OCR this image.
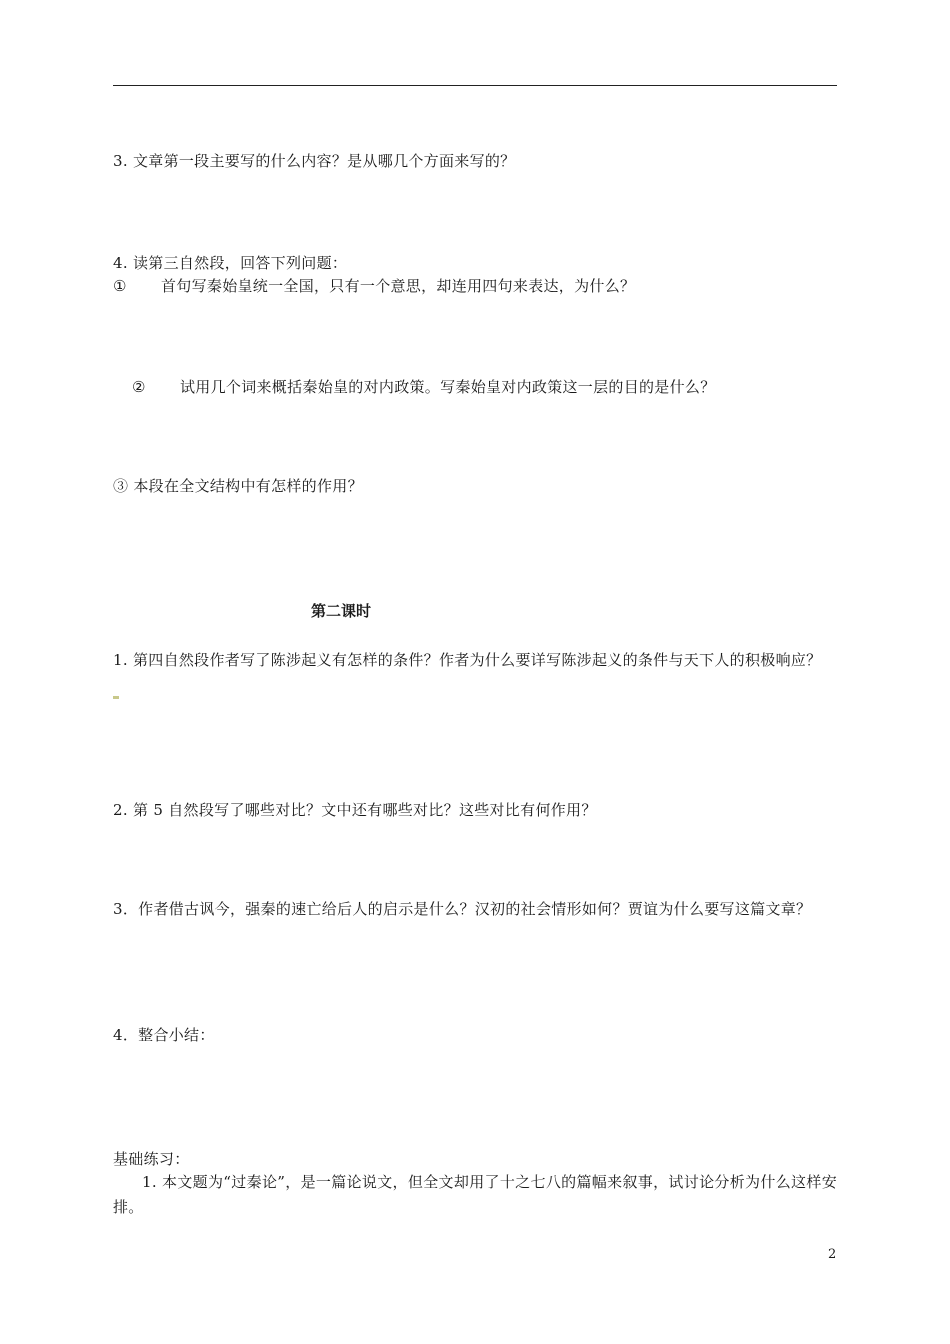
3. 文章第一段主要写的什么内容？是从哪几个方面来写的？
4. 读第三自然段，回答下列问题：
① 首句写秦始皇统一全国，只有一个意思，却连用四句来表达，为什么？
② 试用几个词来概括秦始皇的对内政策。写秦始皇对内政策这一层的目的是什么？
③ 本段在全文结构中有怎样的作用？
第二课时
1. 第四自然段作者写了陈涉起义有怎样的条件？作者为什么要详写陈涉起义的条件与天下人的积极响应？
2. 第 5 自然段写了哪些对比？文中还有哪些对比？这些对比有何作用？
3．作者借古讽今，强秦的速亡给后人的启示是什么？汉初的社会情形如何？贾谊为什么要写这篇文章？
4．整合小结：
基础练习：
1. 本文题为“过秦论”，是一篇论说文，但全文却用了十之七八的篇幅来叙事，试讨论分析为什么这样安排。
2
